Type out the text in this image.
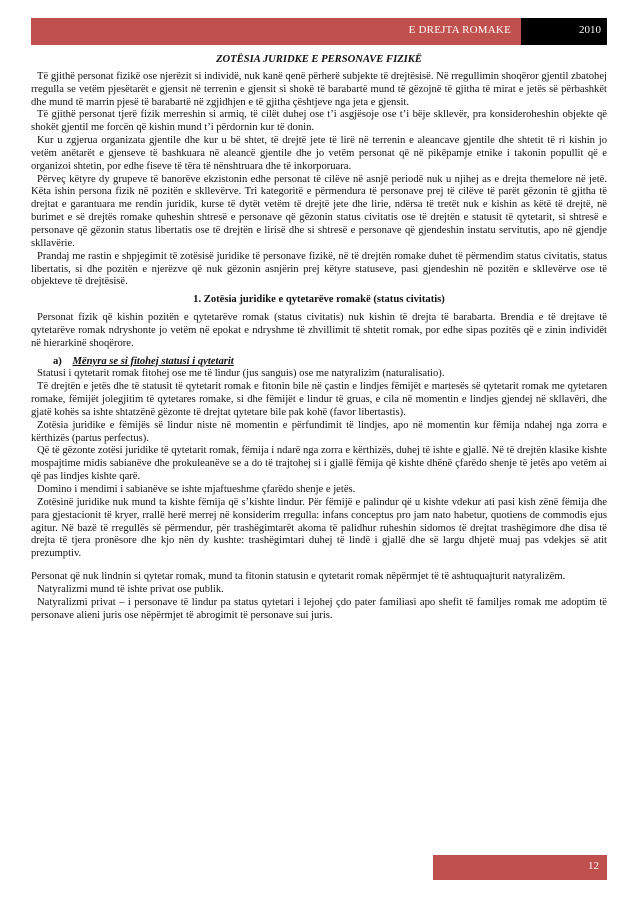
E DREJTA ROMAKE	2010
ZOTËSIA JURIDKE E PERSONAVE FIZIKË
Të gjithë personat fizikë ose njerëzit si individë, nuk kanë qenë përherë subjekte të drejtësisë. Në rregullimin shoqëror gjentil zbatohej rregulla se vetëm pjesëtarët e gjensit në terrenin e gjensit si shokë të barabartë mund të gëzojnë të gjitha të mirat e jetës së përbashkët dhe mund të marrin pjesë të barabartë në zgjidhjen e të gjitha çështjeve nga jeta e gjensit.
Të gjithë personat tjerë fizik merreshin si armiq, të cilët duhej ose t’i asgjësoje ose t’i bëje skllevër, pra konsideroheshin objekte që shokët gjentil me forcën që kishin mund t’i përdornin kur të donin.
Kur u zgjerua organizata gjentile dhe kur u bë shtet, të drejtë jete të lirë në terrenin e aleancave gjentile dhe shtetit të ri kishin jo vetëm anëtarët e gjenseve të bashkuara në aleancë gjentile dhe jo vetëm personat që në pikëpamje etnike i takonin popullit që e organizoi shtetin, por edhe fiseve të tëra të nënshtruara dhe të inkorporuara.
Përveç këtyre dy grupeve të banorëve ekzistonin edhe personat të cilëve në asnjë periodë nuk u njihej as e drejta themelore në jetë. Këta ishin persona fizik në pozitën e skllevërve. Tri kategoritë e përmendura të personave prej të cilëve të parët gëzonin të gjitha të drejtat e garantuara me rendin juridik, kurse të dytët vetëm të drejtë jete dhe lirie, ndërsa të tretët nuk e kishin as këtë të drejtë, në burimet e së drejtës romake quheshin shtresë e personave që gëzonin status civitatis ose të drejtën e statusit të qytetarit, si shtresë e personave që gëzonin status libertatis ose të drejtën e lirisë dhe si shtresë e personave që gjendeshin instatu servitutis, apo në gjendje skllavërie.
Prandaj me rastin e shpjegimit të zotësisë juridike të personave fizikë, në të drejtën romake duhet të përmendim status civitatis, status libertatis, si dhe pozitën e njerëzve që nuk gëzonin asnjërin prej këtyre statuseve, pasi gjendeshin në pozitën e skllevërve ose të objekteve të drejtësisë.
1. Zotësia juridike e qytetarëve romakë (status civitatis)
Personat fizik që kishin pozitën e qytetarëve romak (status civitatis) nuk kishin të drejta të barabarta. Brendia e të drejtave të qytetarëve romak ndryshonte jo vetëm në epokat e ndryshme të zhvillimit të shtetit romak, por edhe sipas pozitës që e zinin individët në hierarkinë shoqërore.
a) Mënyra se si fitohej statusi i qytetarit
Statusi i qytetarit romak fitohej ose me të lindur (jus sanguis) ose me natyralizim (naturalisatio).
Të drejtën e jetës dhe të statusit të qytetarit romak e fitonin bile në çastin e lindjes fëmijët e martesës së qytetarit romak me qytetaren romake, fëmijët jolegjitim të qytetares romake, si dhe fëmijët e lindur të gruas, e cila në momentin e lindjes gjendej në skllavëri, dhe gjatë kohës sa ishte shtatzënë gëzonte të drejtat qytetare bile pak kohë (favor libertastis).
Zotësia juridike e fëmijës së lindur niste në momentin e përfundimit të lindjes, apo në momentin kur fëmija ndahej nga zorra e kërthizës (partus perfectus).
Që të gëzonte zotësi juridike të qytetarit romak, fëmija i ndarë nga zorra e kërthizës, duhej të ishte e gjallë. Në të drejtën klasike kishte mospajtime midis sabianëve dhe prokuleanëve se a do të trajtohej si i gjallë fëmija që kishte dhënë çfarëdo shenje të jetës apo vetëm ai që pas lindjes kishte qarë.
Domino i mendimi i sabianëve se ishte mjaftueshme çfarëdo shenje e jetës.
Zotësinë juridike nuk mund ta kishte fëmija që s’kishte lindur. Për fëmijë e palindur që u kishte vdekur ati pasi kish zënë fëmija dhe para gjestacionit të kryer, rrallë herë merrej në konsiderim rregulla: infans conceptus pro jam nato habetur, quotiens de commodis ejus agitur. Në bazë të rregullës së përmendur, për trashëgimtarët akoma të palidhur ruheshin sidomos të drejtat trashëgimore dhe disa të drejta të tjera pronësore dhe kjo nën dy kushte: trashëgimtari duhej të lindë i gjallë dhe së largu dhjetë muaj pas vdekjes së atit prezumptiv.
Personat që nuk lindnin si qytetar romak, mund ta fitonin statusin e qytetarit romak nëpërmjet të të ashtuquajturit natyralizëm.
Natyralizmi mund të ishte privat ose publik.
Natyralizmi privat – i personave të lindur pa status qytetari i lejohej çdo pater familiasi apo shefit të familjes romak me adoptim të personave alieni juris ose nëpërmjet të abrogimit të personave sui juris.
12
